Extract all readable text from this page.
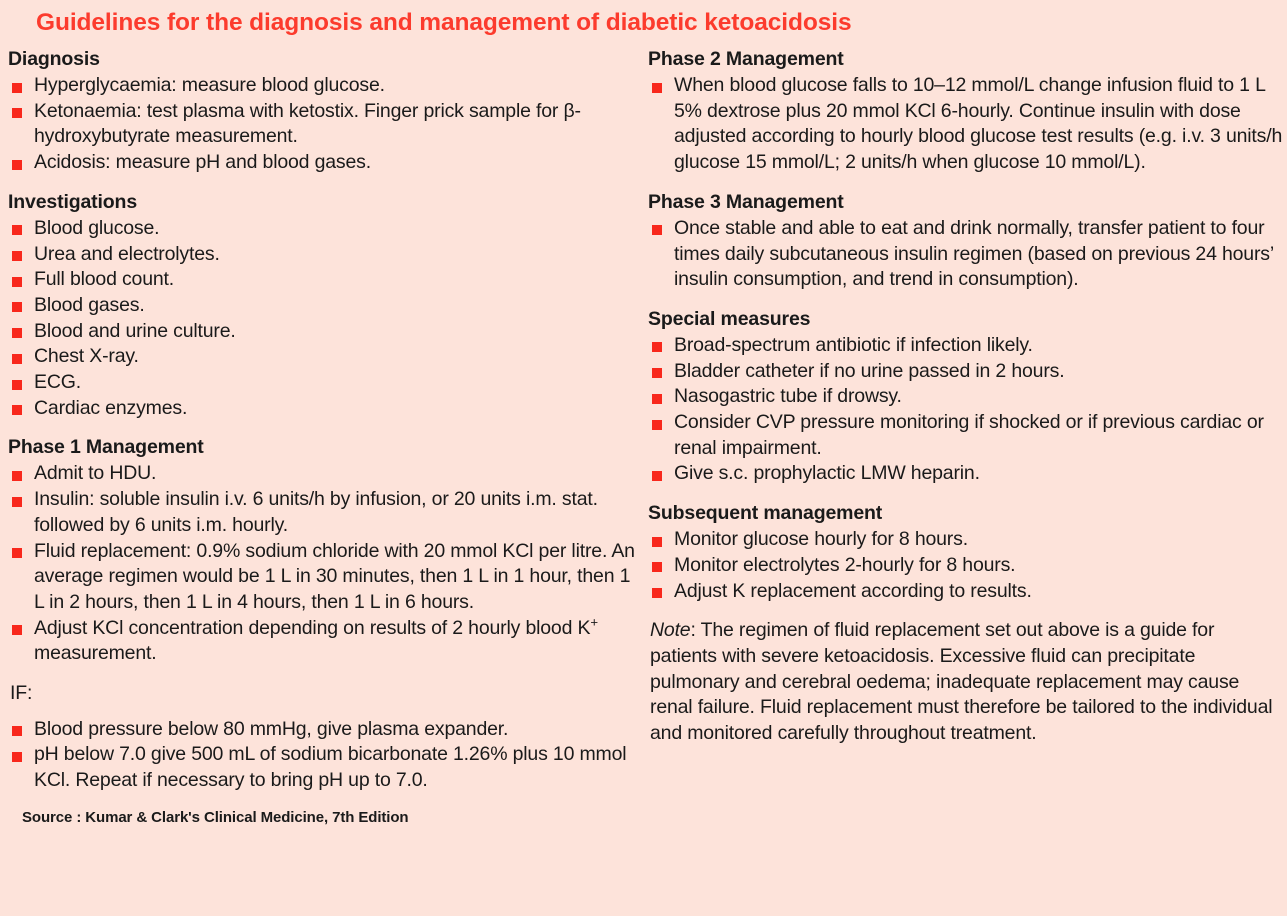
Guidelines for the diagnosis and management of diabetic ketoacidosis
Diagnosis
Hyperglycaemia: measure blood glucose.
Ketonaemia: test plasma with ketostix. Finger prick sample for β-hydroxybutyrate measurement.
Acidosis: measure pH and blood gases.
Investigations
Blood glucose.
Urea and electrolytes.
Full blood count.
Blood gases.
Blood and urine culture.
Chest X-ray.
ECG.
Cardiac enzymes.
Phase 1 Management
Admit to HDU.
Insulin: soluble insulin i.v. 6 units/h by infusion, or 20 units i.m. stat. followed by 6 units i.m. hourly.
Fluid replacement: 0.9% sodium chloride with 20 mmol KCl per litre. An average regimen would be 1 L in 30 minutes, then 1 L in 1 hour, then 1 L in 2 hours, then 1 L in 4 hours, then 1 L in 6 hours.
Adjust KCl concentration depending on results of 2 hourly blood K+ measurement.

IF:

Blood pressure below 80 mmHg, give plasma expander.
pH below 7.0 give 500 mL of sodium bicarbonate 1.26% plus 10 mmol KCl. Repeat if necessary to bring pH up to 7.0.
Source : Kumar & Clark's Clinical Medicine, 7th Edition
Phase 2 Management
When blood glucose falls to 10–12 mmol/L change infusion fluid to 1 L 5% dextrose plus 20 mmol KCl 6-hourly. Continue insulin with dose adjusted according to hourly blood glucose test results (e.g. i.v. 3 units/h glucose 15 mmol/L; 2 units/h when glucose 10 mmol/L).
Phase 3 Management
Once stable and able to eat and drink normally, transfer patient to four times daily subcutaneous insulin regimen (based on previous 24 hours’ insulin consumption, and trend in consumption).
Special measures
Broad-spectrum antibiotic if infection likely.
Bladder catheter if no urine passed in 2 hours.
Nasogastric tube if drowsy.
Consider CVP pressure monitoring if shocked or if previous cardiac or renal impairment.
Give s.c. prophylactic LMW heparin.
Subsequent management
Monitor glucose hourly for 8 hours.
Monitor electrolytes 2-hourly for 8 hours.
Adjust K replacement according to results.

Note: The regimen of fluid replacement set out above is a guide for patients with severe ketoacidosis. Excessive fluid can precipitate pulmonary and cerebral oedema; inadequate replacement may cause renal failure. Fluid replacement must therefore be tailored to the individual and monitored carefully throughout treatment.
